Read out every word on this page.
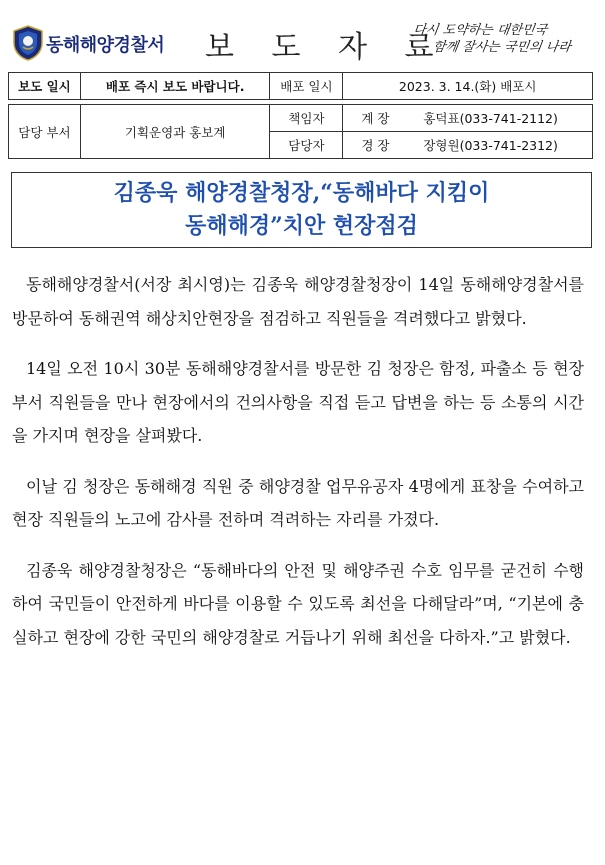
동해해양경찰서 보 도 자 료
다시 도약하는 대한민국
함께 잘사는 국민의 나라
보도 일시	배포 즉시 보도 바랍니다.	배포 일시	2023. 3. 14.(화) 배포시

담당 부서	기획운영과 홍보계	책임자	계 장 홍덕표(033-741-2112)
		담당자	경 장 장형원(033-741-2312)
김종욱 해양경찰청장,“동해바다 지킴이
동해해경”치안 현장점검

동해해양경찰서(서장 최시영)는 김종욱 해양경찰청장이 14일 동해해양경찰서를 방문하여 동해권역 해상치안현장을 점검하고 직원들을 격려했다고 밝혔다.

14일 오전 10시 30분 동해해양경찰서를 방문한 김 청장은 함정, 파출소 등 현장부서 직원들을 만나 현장에서의 건의사항을 직접 듣고 답변을 하는 등 소통의 시간을 가지며 현장을 살펴봤다.

이날 김 청장은 동해해경 직원 중 해양경찰 업무유공자 4명에게 표창을 수여하고 현장 직원들의 노고에 감사를 전하며 격려하는 자리를 가졌다.

김종욱 해양경찰청장은 “동해바다의 안전 및 해양주권 수호 임무를 굳건히 수행하여 국민들이 안전하게 바다를 이용할 수 있도록 최선을 다해달라”며, “기본에 충실하고 현장에 강한 국민의 해양경찰로 거듭나기 위해 최선을 다하자.”고 밝혔다.
